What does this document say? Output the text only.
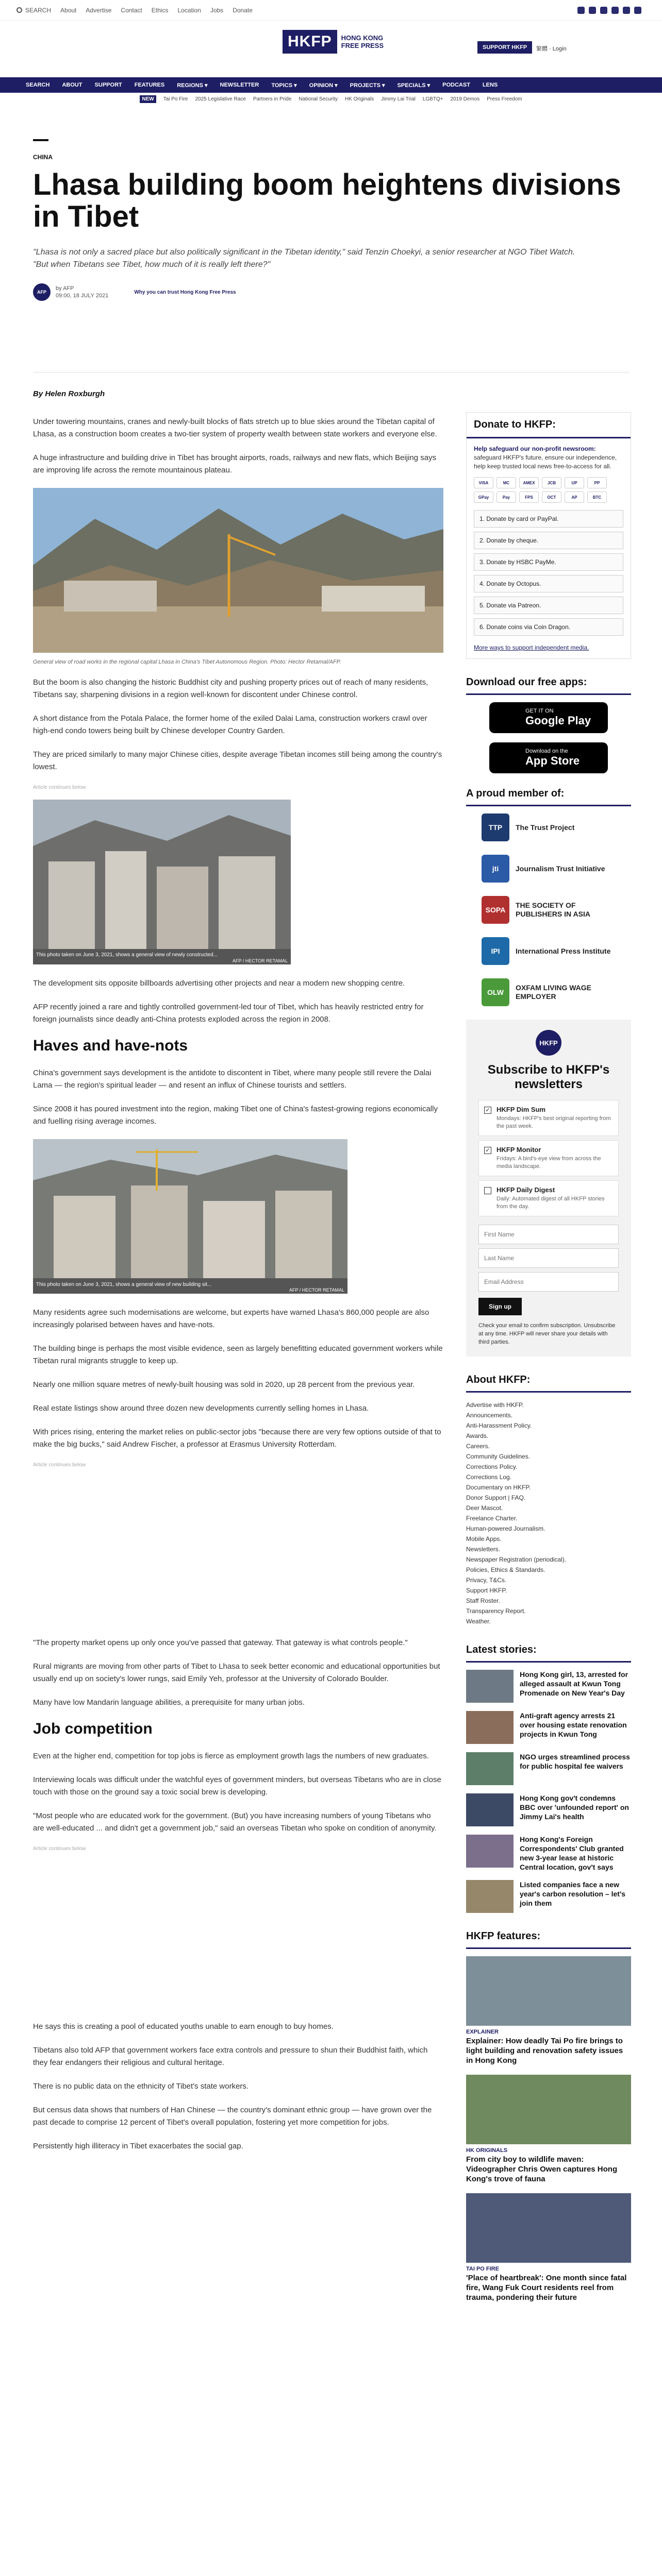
SEARCH About Advertise Contact Ethics Location Jobs Donate
HKFP	HONG KONG
FREE PRESS	SUPPORT HKFP	繁體 · Login
SEARCH ABOUT SUPPORT FEATURES REGIONS ▾ NEWSLETTER TOPICS ▾ OPINION ▾ PROJECTS ▾ SPECIALS ▾ PODCAST LENS
NEW	Tai Po Fire 2025 Legislative Race Partners in Pride National Security HK Originals Jimmy Lai Trial LGBTQ+ 2019 Demos Press Freedom
CHINA
Lhasa building boom heightens divisions in Tibet
"Lhasa is not only a sacred place but also politically significant in the Tibetan identity," said Tenzin Choekyi, a senior researcher at NGO Tibet Watch. "But when Tibetans see Tibet, how much of it is really left there?"
AFP
by AFP
09:00, 18 JULY 2021
Why you can trust Hong Kong Free Press
By Helen Roxburgh

Under towering mountains, cranes and newly-built blocks of flats stretch up to blue skies around the Tibetan capital of Lhasa, as a construction boom creates a two-tier system of property wealth between state workers and everyone else.

A huge infrastructure and building drive in Tibet has brought airports, roads, railways and new flats, which Beijing says are improving life across the remote mountainous plateau.

General view of road works in the regional capital Lhasa in China's Tibet Autonomous Region. Photo: Hector Retamal/AFP.

But the boom is also changing the historic Buddhist city and pushing property prices out of reach of many residents, Tibetans say, sharpening divisions in a region well-known for discontent under Chinese control.

A short distance from the Potala Palace, the former home of the exiled Dalai Lama, construction workers crawl over high-end condo towers being built by Chinese developer Country Garden.

They are priced similarly to many major Chinese cities, despite average Tibetan incomes still being among the country's lowest.

Article continues below
This photo taken on June 3, 2021, shows a general view of newly constructed...
AFP / HECTOR RETAMAL

The development sits opposite billboards advertising other projects and near a modern new shopping centre.

AFP recently joined a rare and tightly controlled government-led tour of Tibet, which has heavily restricted entry for foreign journalists since deadly anti-China protests exploded across the region in 2008.

Haves and have-nots

China's government says development is the antidote to discontent in Tibet, where many people still revere the Dalai Lama — the region's spiritual leader — and resent an influx of Chinese tourists and settlers.

Since 2008 it has poured investment into the region, making Tibet one of China's fastest-growing regions economically and fuelling rising average incomes.

This photo taken on June 3, 2021, shows a general view of new building sit...
AFP / HECTOR RETAMAL

Many residents agree such modernisations are welcome, but experts have warned Lhasa's 860,000 people are also increasingly polarised between haves and have-nots.

The building binge is perhaps the most visible evidence, seen as largely benefitting educated government workers while Tibetan rural migrants struggle to keep up.

Nearly one million square metres of newly-built housing was sold in 2020, up 28 percent from the previous year.

Real estate listings show around three dozen new developments currently selling homes in Lhasa.

With prices rising, entering the market relies on public-sector jobs "because there are very few options outside of that to make the big bucks," said Andrew Fischer, a professor at Erasmus University Rotterdam.

Article continues below

"The property market opens up only once you've passed that gateway. That gateway is what controls people."

Rural migrants are moving from other parts of Tibet to Lhasa to seek better economic and educational opportunities but usually end up on society's lower rungs, said Emily Yeh, professor at the University of Colorado Boulder.

Many have low Mandarin language abilities, a prerequisite for many urban jobs.

Job competition

Even at the higher end, competition for top jobs is fierce as employment growth lags the numbers of new graduates.

Interviewing locals was difficult under the watchful eyes of government minders, but overseas Tibetans who are in close touch with those on the ground say a toxic social brew is developing.

"Most people who are educated work for the government. (But) you have increasing numbers of young Tibetans who are well-educated ... and didn't get a government job," said an overseas Tibetan who spoke on condition of anonymity.

Article continues below

He says this is creating a pool of educated youths unable to earn enough to buy homes.

Tibetans also told AFP that government workers face extra controls and pressure to shun their Buddhist faith, which they fear endangers their religious and cultural heritage.

There is no public data on the ethnicity of Tibet's state workers.

But census data shows that numbers of Han Chinese — the country's dominant ethnic group — have grown over the past decade to comprise 12 percent of Tibet's overall population, fostering yet more competition for jobs.

Persistently high illiteracy in Tibet exacerbates the social gap.

Donate to HKFP:
Help safeguard our non-profit newsroom: safeguard HKFP's future, ensure our independence, help keep trusted local news free-to-access for all.
VISA	MC	AMEX	JCB	UP	PP
GPay	Pay	FPS	OCT	AP	BTC
1. Donate by card or PayPal.
2. Donate by cheque.
3. Donate by HSBC PayMe.
4. Donate by Octopus.
5. Donate via Patreon.
6. Donate coins via Coin Dragon.
More ways to support independent media.
Download our free apps:
GET IT ON
Google Play
Download on the
App Store
A proud member of:
TTP	The Trust Project
jti	Journalism Trust Initiative
SOPA
THE SOCIETY OF PUBLISHERS IN ASIA
IPI	International Press Institute
OLW
OXFAM LIVING WAGE EMPLOYER
HKFP
Subscribe to HKFP's newsletters
✓ HKFP Dim Sum
Mondays: HKFP's best original reporting from the past week.
✓ HKFP Monitor
Fridays: A bird's-eye view from across the media landscape.
HKFP Daily Digest
Daily: Automated digest of all HKFP stories from the day.
First Name Last Name Email Address Sign up
Check your email to confirm subscription. Unsubscribe at any time. HKFP will never share your details with third parties.
About HKFP:
Advertise with HKFP.
Announcements.
Anti-Harassment Policy.
Awards.
Careers.
Community Guidelines.
Corrections Policy.
Corrections Log.
Documentary on HKFP.
Donor Support | FAQ.
Deer Mascot.
Freelance Charter.
Human-powered Journalism.
Mobile Apps.
Newsletters.
Newspaper Registration (periodical).
Policies, Ethics & Standards.
Privacy, T&Cs.
Support HKFP.
Staff Roster.
Transparency Report.
Weather.
Latest stories:
Hong Kong girl, 13, arrested for alleged assault at Kwun Tong Promenade on New Year's Day
Anti-graft agency arrests 21 over housing estate renovation projects in Kwun Tong
NGO urges streamlined process for public hospital fee waivers
Hong Kong gov't condemns BBC over 'unfounded report' on Jimmy Lai's health
Hong Kong's Foreign Correspondents' Club granted new 3-year lease at historic Central location, gov't says
Listed companies face a new year's carbon resolution – let's join them
HKFP features:
EXPLAINER
Explainer: How deadly Tai Po fire brings to light building and renovation safety issues in Hong Kong
HK ORIGINALS
From city boy to wildlife maven: Videographer Chris Owen captures Hong Kong's trove of fauna
TAI PO FIRE
'Place of heartbreak': One month since fatal fire, Wang Fuk Court residents reel from trauma, pondering their future
